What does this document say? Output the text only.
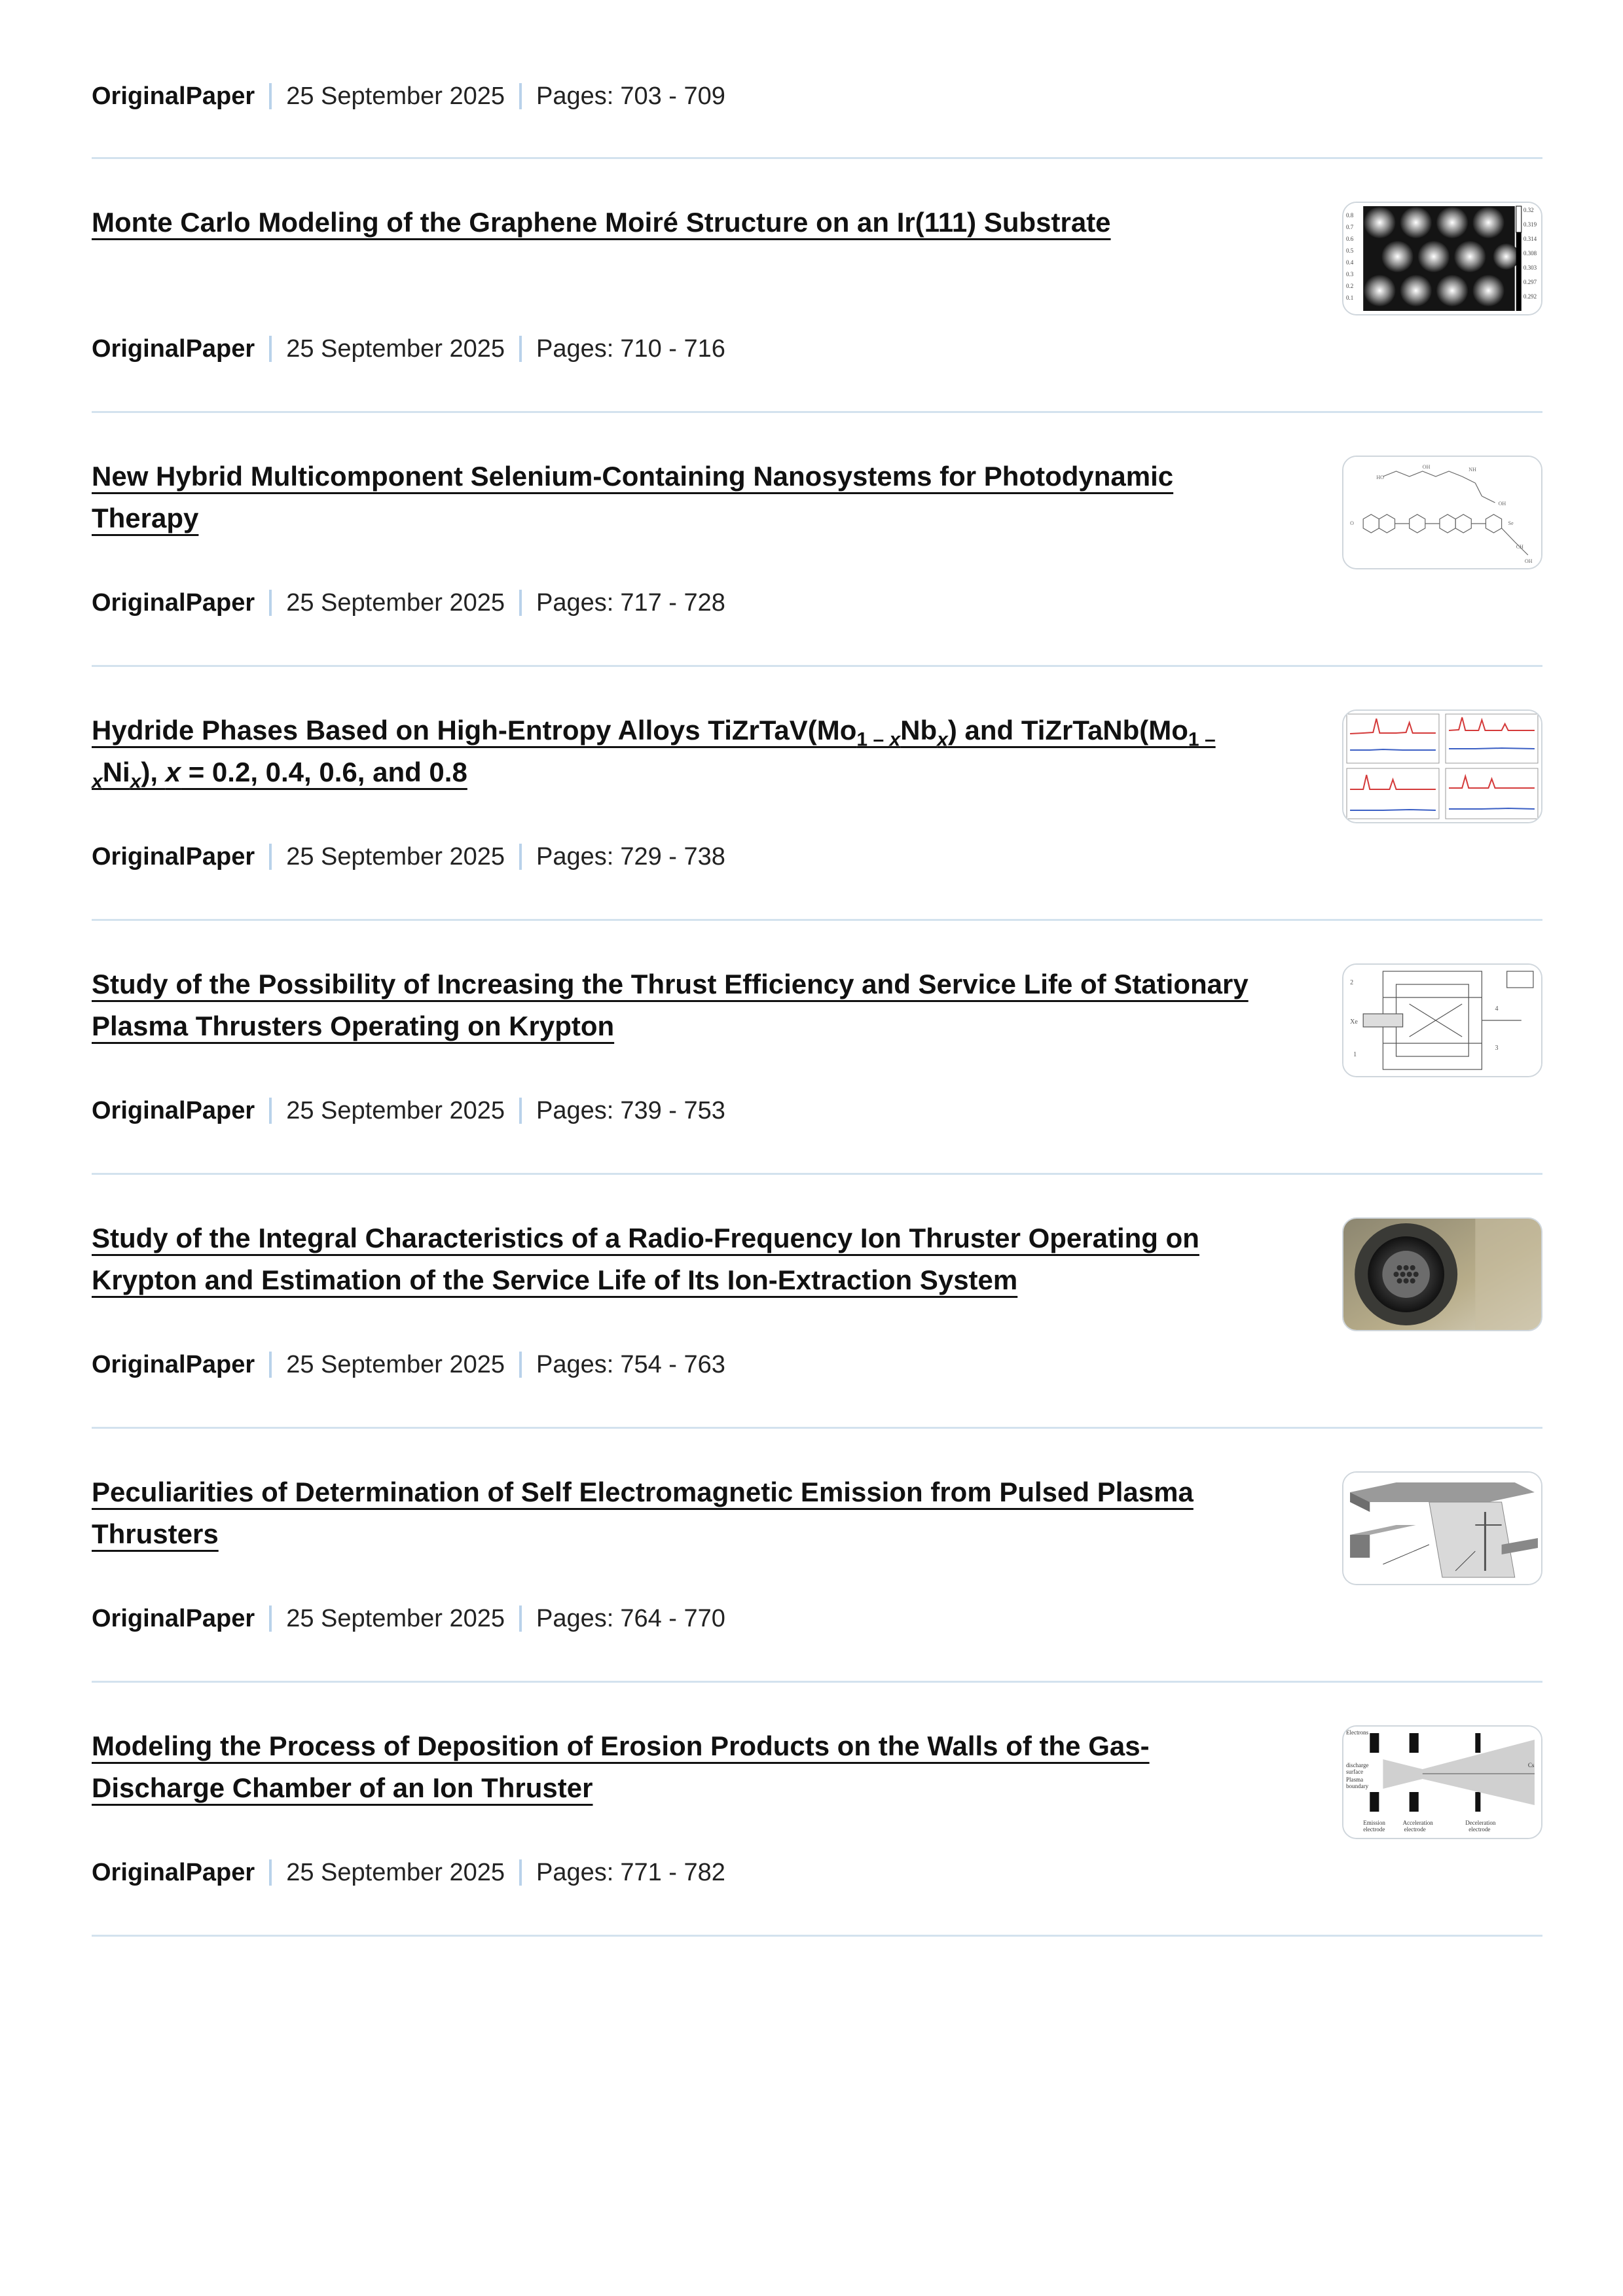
OriginalPaper 25 September 2025 Pages: 703 - 709
Monte Carlo Modeling of the Graphene Moiré Structure on an Ir(111) Substrate	0.8
0.7
0.6
0.5
0.4
0.3
0.2
0.1
0.32
0.319
0.314
0.308
0.303
0.297
0.292
OriginalPaper 25 September 2025 Pages: 710 - 716
New Hybrid Multicomponent Selenium-Containing Nanosystems for Photodynamic Therapy
HO
OH	NH
OH
CH
OH
O	Se
OriginalPaper 25 September 2025 Pages: 717 - 728
Hydride Phases Based on High-Entropy Alloys $TiZrTaV(Mo_{1 - x}Nb_x)$ and $TiZrTaNb(Mo_{1 - x}Ni_x)$, x = 0.2, 0.4, 0.6, and 0.8
OriginalPaper 25 September 2025 Pages: 729 - 738
Study of the Possibility of Increasing the Thrust Efficiency and Service Life of Stationary Plasma Thrusters Operating on Krypton
2
Xe
1
4
3
OriginalPaper 25 September 2025 Pages: 739 - 753
Study of the Integral Characteristics of a Radio-Frequency Ion Thruster Operating on Krypton and Estimation of the Service Life of Its Ion-Extraction System
OriginalPaper 25 September 2025 Pages: 754 - 763
Peculiarities of Determination of Self Electromagnetic Emission from Pulsed Plasma Thrusters
OriginalPaper 25 September 2025 Pages: 764 - 770
Modeling the Process of Deposition of Erosion Products on the Walls of the Gas-Discharge Chamber of an Ion Thruster
Electrons
discharge
surface
Plasma
boundary
Emission
electrode
Acceleration
electrode
Deceleration
electrode
Cs
OriginalPaper 25 September 2025 Pages: 771 - 782
